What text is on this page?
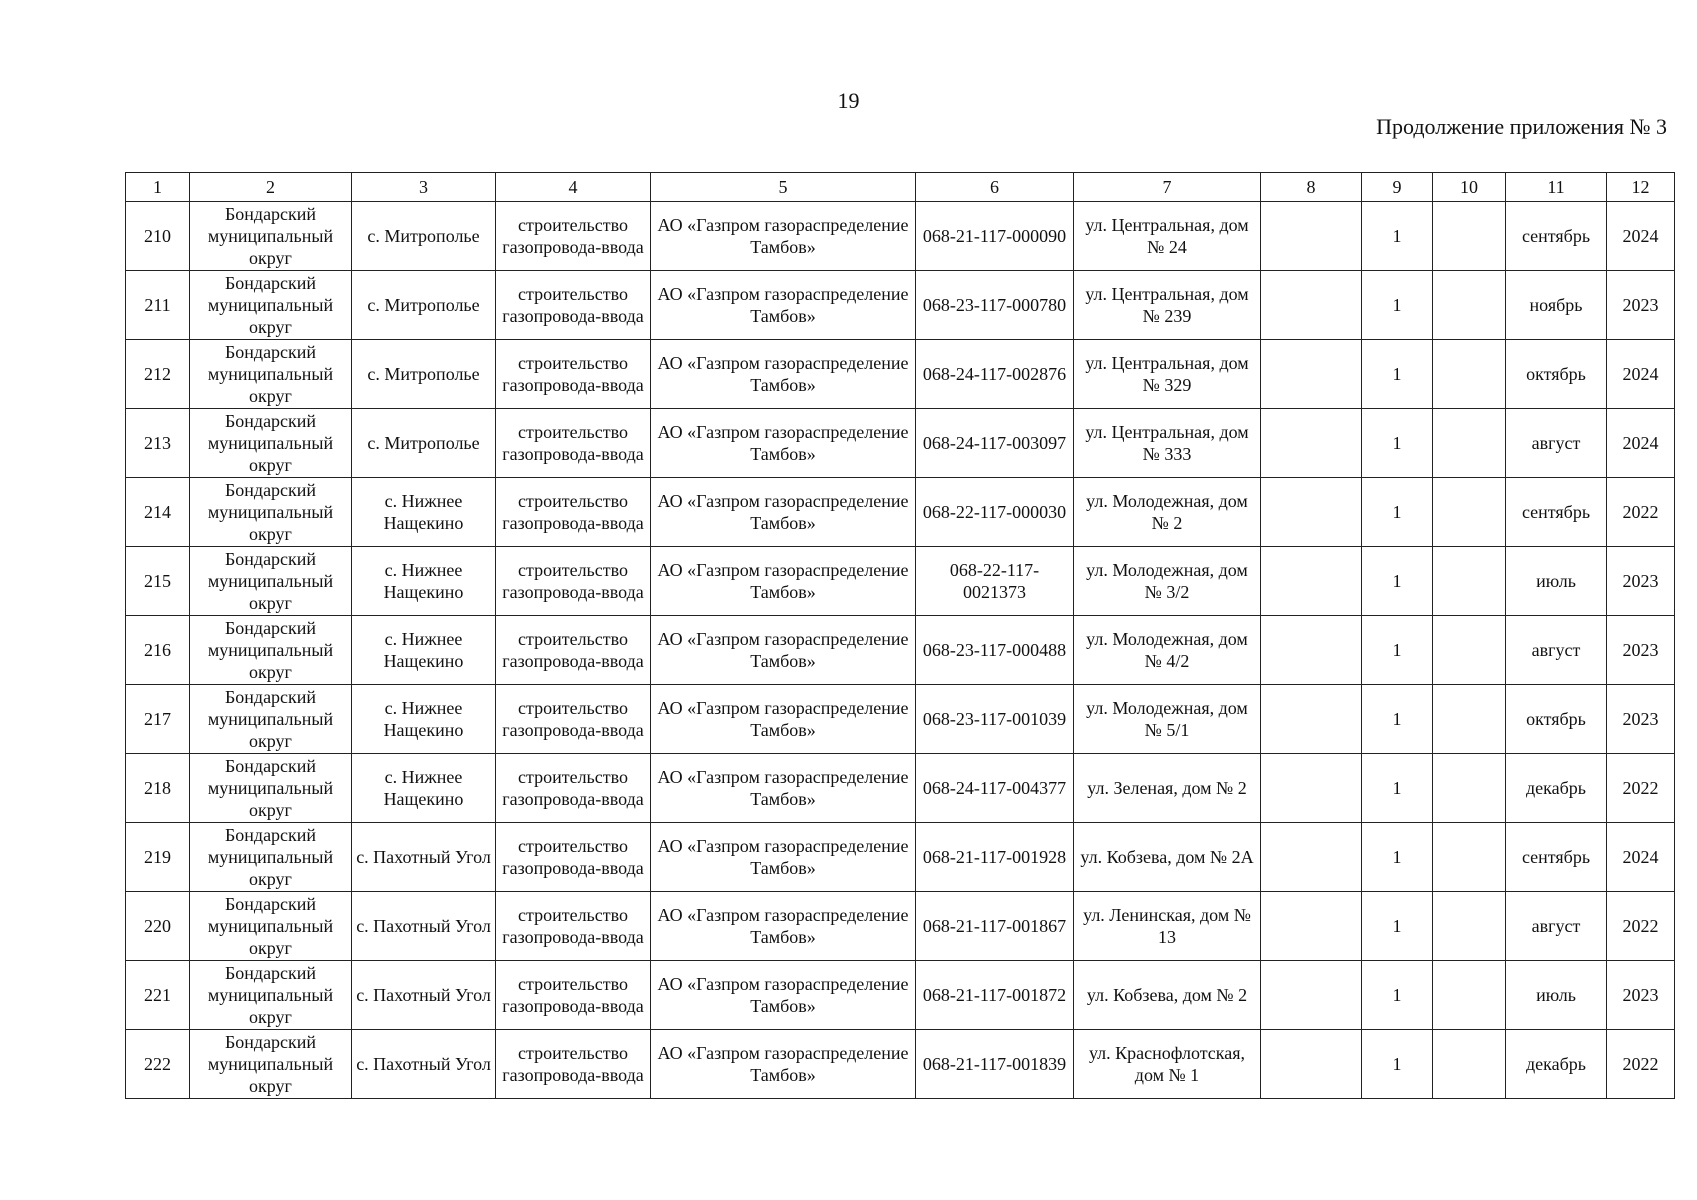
19
Продолжение приложения № 3
1	2	3	4	5	6	7	8	9	10	11	12
210	Бондарский муниципальный округ	с. Митрополье	строительство газопровода-ввода	АО «Газпром газораспределение Тамбов»	068-21-117-000090	ул. Центральная, дом № 24		1		сентябрь	2024
211	Бондарский муниципальный округ	с. Митрополье	строительство газопровода-ввода	АО «Газпром газораспределение Тамбов»	068-23-117-000780	ул. Центральная, дом № 239		1		ноябрь	2023
212	Бондарский муниципальный округ	с. Митрополье	строительство газопровода-ввода	АО «Газпром газораспределение Тамбов»	068-24-117-002876	ул. Центральная, дом № 329		1		октябрь	2024
213	Бондарский муниципальный округ	с. Митрополье	строительство газопровода-ввода	АО «Газпром газораспределение Тамбов»	068-24-117-003097	ул. Центральная, дом № 333		1		август	2024
214	Бондарский муниципальный округ	с. Нижнее Нащекино	строительство газопровода-ввода	АО «Газпром газораспределение Тамбов»	068-22-117-000030	ул. Молодежная, дом № 2		1		сентябрь	2022
215	Бондарский муниципальный округ	с. Нижнее Нащекино	строительство газопровода-ввода	АО «Газпром газораспределение Тамбов»	068-22-117-0021373	ул. Молодежная, дом № 3/2		1		июль	2023
216	Бондарский муниципальный округ	с. Нижнее Нащекино	строительство газопровода-ввода	АО «Газпром газораспределение Тамбов»	068-23-117-000488	ул. Молодежная, дом № 4/2		1		август	2023
217	Бондарский муниципальный округ	с. Нижнее Нащекино	строительство газопровода-ввода	АО «Газпром газораспределение Тамбов»	068-23-117-001039	ул. Молодежная, дом № 5/1		1		октябрь	2023
218	Бондарский муниципальный округ	с. Нижнее Нащекино	строительство газопровода-ввода	АО «Газпром газораспределение Тамбов»	068-24-117-004377	ул. Зеленая, дом № 2		1		декабрь	2022
219	Бондарский муниципальный округ	с. Пахотный Угол	строительство газопровода-ввода	АО «Газпром газораспределение Тамбов»	068-21-117-001928	ул. Кобзева, дом № 2А		1		сентябрь	2024
220	Бондарский муниципальный округ	с. Пахотный Угол	строительство газопровода-ввода	АО «Газпром газораспределение Тамбов»	068-21-117-001867	ул. Ленинская, дом № 13		1		август	2022
221	Бондарский муниципальный округ	с. Пахотный Угол	строительство газопровода-ввода	АО «Газпром газораспределение Тамбов»	068-21-117-001872	ул. Кобзева, дом № 2		1		июль	2023
222	Бондарский муниципальный округ	с. Пахотный Угол	строительство газопровода-ввода	АО «Газпром газораспределение Тамбов»	068-21-117-001839	ул. Краснофлотская, дом № 1		1		декабрь	2022
